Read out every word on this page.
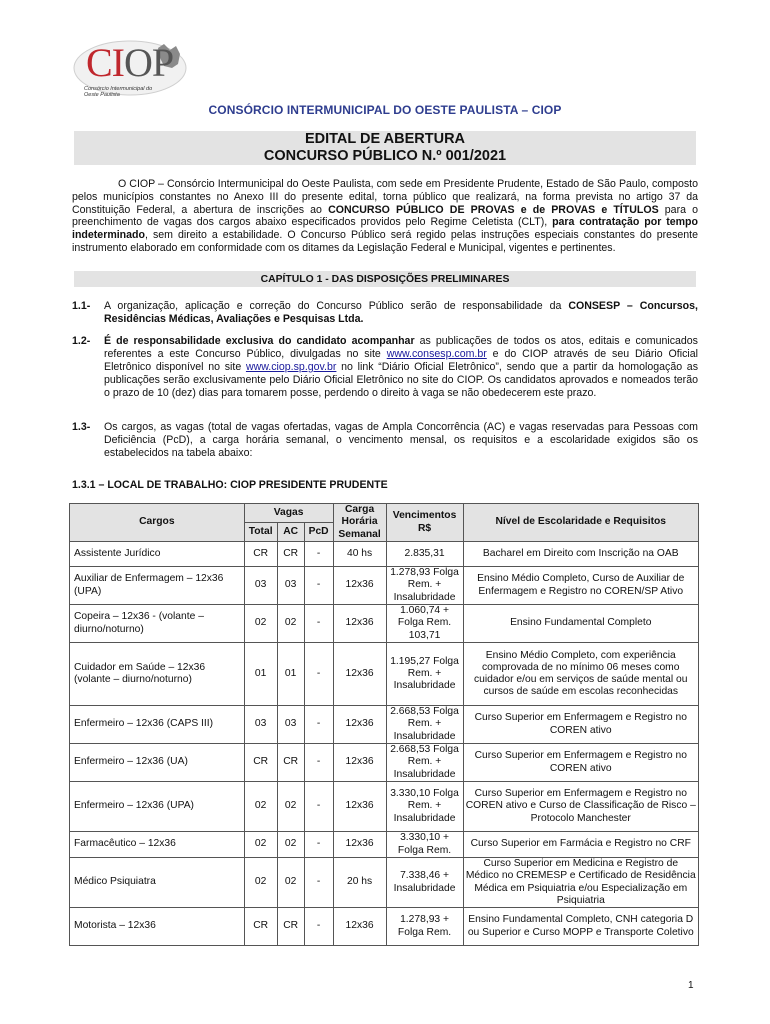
CIOP
Consórcio Intermunicipal do Oeste Paulista
CONSÓRCIO INTERMUNICIPAL DO OESTE PAULISTA – CIOP
EDITAL DE ABERTURA
CONCURSO PÚBLICO N.º 001/2021
O CIOP – Consórcio Intermunicipal do Oeste Paulista, com sede em Presidente Prudente, Estado de São Paulo, composto pelos municípios constantes no Anexo III do presente edital, torna público que realizará, na forma prevista no artigo 37 da Constituição Federal, a abertura de inscrições ao CONCURSO PÚBLICO DE PROVAS e de PROVAS e TÍTULOS para o preenchimento de vagas dos cargos abaixo especificados providos pelo Regime Celetista (CLT), para contratação por tempo indeterminado, sem direito a estabilidade. O Concurso Público será regido pelas instruções especiais constantes do presente instrumento elaborado em conformidade com os ditames da Legislação Federal e Municipal, vigentes e pertinentes.
CAPÍTULO 1 - DAS DISPOSIÇÕES PRELIMINARES
1.1- A organização, aplicação e correção do Concurso Público serão de responsabilidade da CONSESP – Concursos, Residências Médicas, Avaliações e Pesquisas Ltda.
1.2- É de responsabilidade exclusiva do candidato acompanhar as publicações de todos os atos, editais e comunicados referentes a este Concurso Público, divulgadas no site www.consesp.com.br e do CIOP através de seu Diário Oficial Eletrônico disponível no site www.ciop.sp.gov.br no link “Diário Oficial Eletrônico”, sendo que a partir da homologação as publicações serão exclusivamente pelo Diário Oficial Eletrônico no site do CIOP. Os candidatos aprovados e nomeados terão o prazo de 10 (dez) dias para tomarem posse, perdendo o direito à vaga se não obedecerem este prazo.
1.3- Os cargos, as vagas (total de vagas ofertadas, vagas de Ampla Concorrência (AC) e vagas reservadas para Pessoas com Deficiência (PcD), a carga horária semanal, o vencimento mensal, os requisitos e a escolaridade exigidos são os estabelecidos na tabela abaixo:
1.3.1 – LOCAL DE TRABALHO: CIOP PRESIDENTE PRUDENTE
Cargos	Vagas			Carga Horária Semanal	Vencimentos R$	Nível de Escolaridade e Requisitos
	Total	AC	PcD			
Assistente Jurídico	CR	CR	-	40 hs	2.835,31	Bacharel em Direito com Inscrição na OAB
Auxiliar de Enfermagem – 12x36 (UPA)	03	03	-	12x36	1.278,93 Folga Rem. + Insalubridade	Ensino Médio Completo, Curso de Auxiliar de Enfermagem e Registro no COREN/SP Ativo
Copeira – 12x36 - (volante – diurno/noturno)	02	02	-	12x36	1.060,74 + Folga Rem. 103,71	Ensino Fundamental Completo
Cuidador em Saúde – 12x36 (volante – diurno/noturno)	01	01	-	12x36	1.195,27 Folga Rem. + Insalubridade	Ensino Médio Completo, com experiência comprovada de no mínimo 06 meses como cuidador e/ou em serviços de saúde mental ou cursos de saúde em escolas reconhecidas
Enfermeiro – 12x36 (CAPS III)	03	03	-	12x36	2.668,53 Folga Rem. + Insalubridade	Curso Superior em Enfermagem e Registro no COREN ativo
Enfermeiro – 12x36 (UA)	CR	CR	-	12x36	2.668,53 Folga Rem. + Insalubridade	Curso Superior em Enfermagem e Registro no COREN ativo
Enfermeiro – 12x36 (UPA)	02	02	-	12x36	3.330,10 Folga Rem. + Insalubridade	Curso Superior em Enfermagem e Registro no COREN ativo e Curso de Classificação de Risco – Protocolo Manchester
Farmacêutico – 12x36	02	02	-	12x36	3.330,10 + Folga Rem.	Curso Superior em Farmácia e Registro no CRF
Médico Psiquiatra	02	02	-	20 hs	7.338,46 + Insalubridade	Curso Superior em Medicina e Registro de Médico no CREMESP e Certificado de Residência Médica em Psiquiatria e/ou Especialização em Psiquiatria
Motorista – 12x36	CR	CR	-	12x36	1.278,93 + Folga Rem.	Ensino Fundamental Completo, CNH categoria D ou Superior e Curso MOPP e Transporte Coletivo
1
